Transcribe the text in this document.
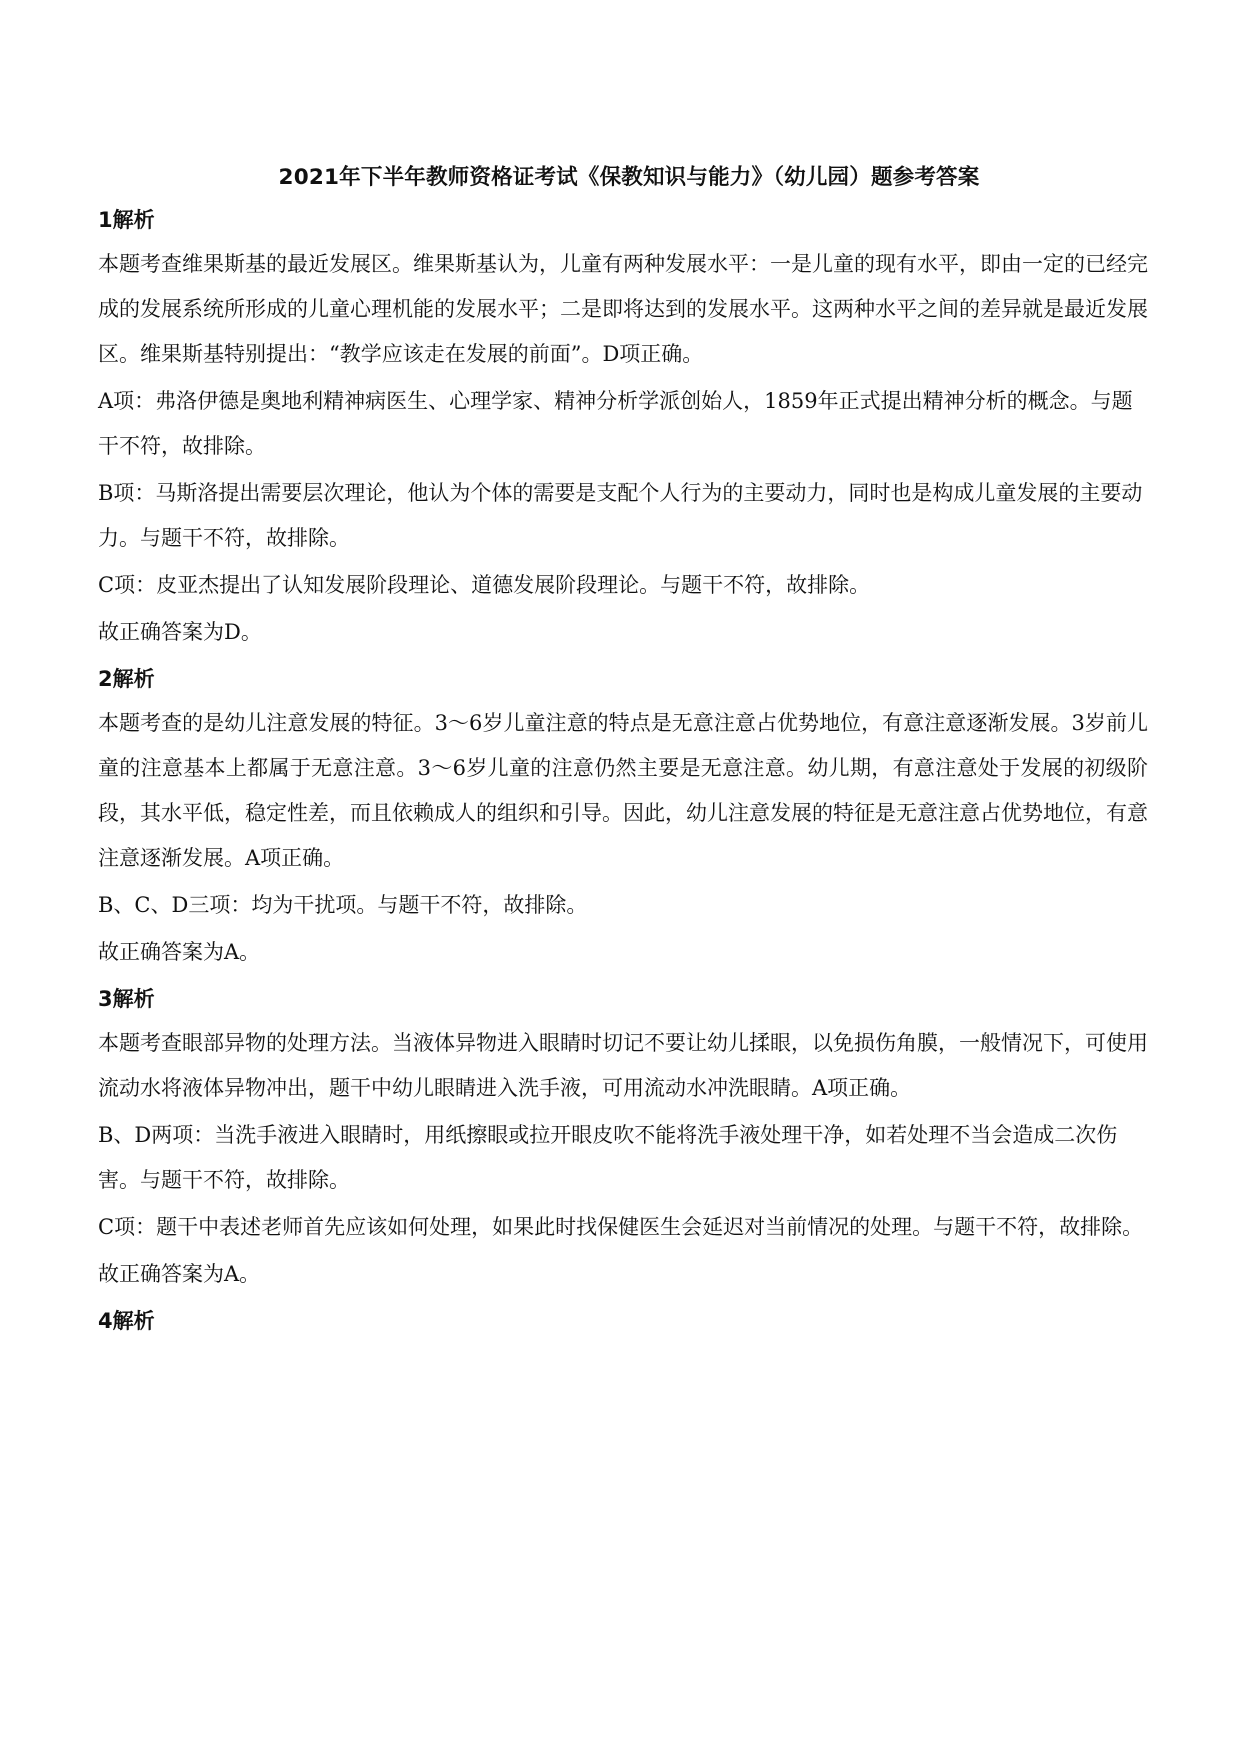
2021年下半年教师资格证考试《保教知识与能力》（幼儿园）题参考答案
1解析

本题考查维果斯基的最近发展区。维果斯基认为，儿童有两种发展水平：一是儿童的现有水平，即由一定的已经完成的发展系统所形成的儿童心理机能的发展水平；二是即将达到的发展水平。这两种水平之间的差异就是最近发展区。维果斯基特别提出：“教学应该走在发展的前面”。D项正确。

A项：弗洛伊德是奥地利精神病医生、心理学家、精神分析学派创始人，1859年正式提出精神分析的概念。与题干不符，故排除。

B项：马斯洛提出需要层次理论，他认为个体的需要是支配个人行为的主要动力，同时也是构成儿童发展的主要动力。与题干不符，故排除。

C项：皮亚杰提出了认知发展阶段理论、道德发展阶段理论。与题干不符，故排除。

故正确答案为D。

2解析

本题考查的是幼儿注意发展的特征。3～6岁儿童注意的特点是无意注意占优势地位，有意注意逐渐发展。3岁前儿童的注意基本上都属于无意注意。3～6岁儿童的注意仍然主要是无意注意。幼儿期，有意注意处于发展的初级阶段，其水平低，稳定性差，而且依赖成人的组织和引导。因此，幼儿注意发展的特征是无意注意占优势地位，有意注意逐渐发展。A项正确。

B、C、D三项：均为干扰项。与题干不符，故排除。

故正确答案为A。

3解析

本题考查眼部异物的处理方法。当液体异物进入眼睛时切记不要让幼儿揉眼，以免损伤角膜，一般情况下，可使用流动水将液体异物冲出，题干中幼儿眼睛进入洗手液，可用流动水冲洗眼睛。A项正确。

B、D两项：当洗手液进入眼睛时，用纸擦眼或拉开眼皮吹不能将洗手液处理干净，如若处理不当会造成二次伤害。与题干不符，故排除。

C项：题干中表述老师首先应该如何处理，如果此时找保健医生会延迟对当前情况的处理。与题干不符，故排除。

故正确答案为A。

4解析
